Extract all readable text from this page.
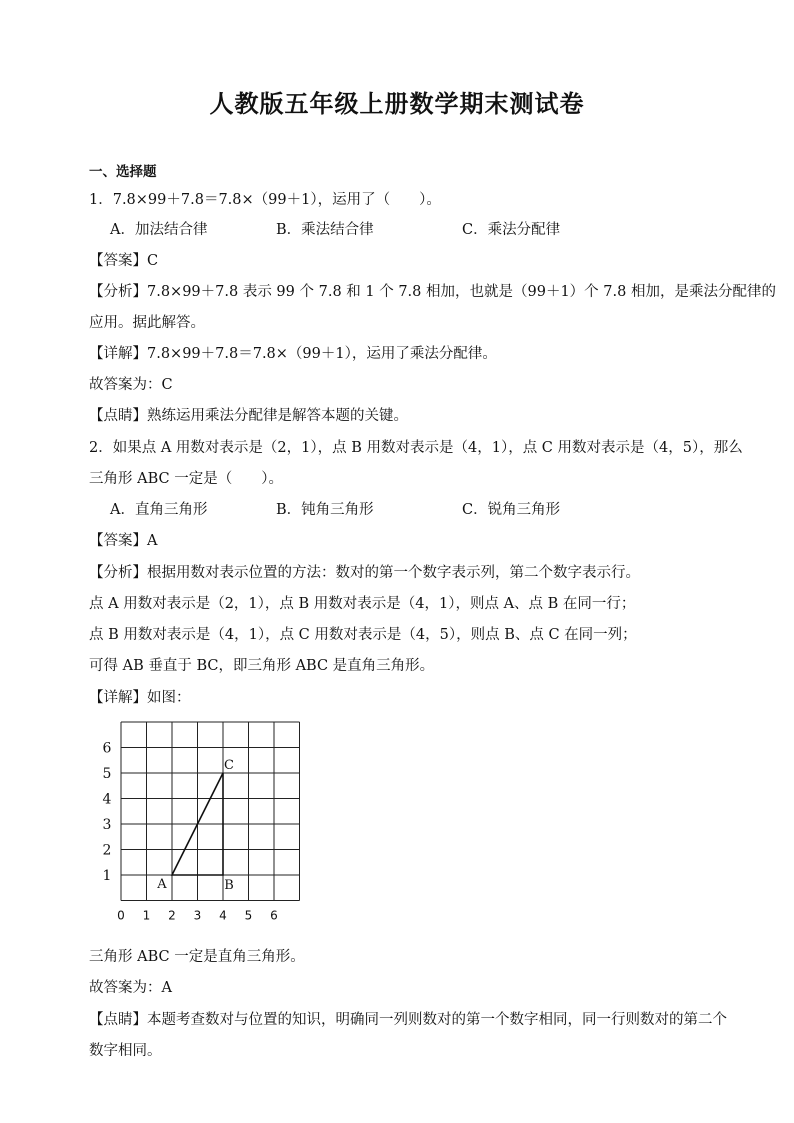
人教版五年级上册数学期末测试卷
一、选择题
1．7.8×99＋7.8＝7.8×（99＋1），运用了（　　）。
A．加法结合律	B．乘法结合律	C．乘法分配律
【答案】C
【分析】7.8×99＋7.8 表示 99 个 7.8 和 1 个 7.8 相加，也就是（99＋1）个 7.8 相加，是乘法分配律的
应用。据此解答。
【详解】7.8×99＋7.8＝7.8×（99＋1），运用了乘法分配律。
故答案为：C
【点睛】熟练运用乘法分配律是解答本题的关键。
2．如果点 A 用数对表示是（2，1），点 B 用数对表示是（4，1），点 C 用数对表示是（4，5），那么
三角形 ABC 一定是（　　）。
A．直角三角形	B．钝角三角形	C．锐角三角形
【答案】A
【分析】根据用数对表示位置的方法：数对的第一个数字表示列，第二个数字表示行。
点 A 用数对表示是（2，1），点 B 用数对表示是（4，1），则点 A、点 B 在同一行；
点 B 用数对表示是（4，1），点 C 用数对表示是（4，5），则点 B、点 C 在同一列；
可得 AB 垂直于 BC，即三角形 ABC 是直角三角形。
【详解】如图：
1
2
3
4
5
6
0 1 2 3 4 5 6
A	B
C
三角形 ABC 一定是直角三角形。
故答案为：A
【点睛】本题考查数对与位置的知识，明确同一列则数对的第一个数字相同，同一行则数对的第二个
数字相同。
